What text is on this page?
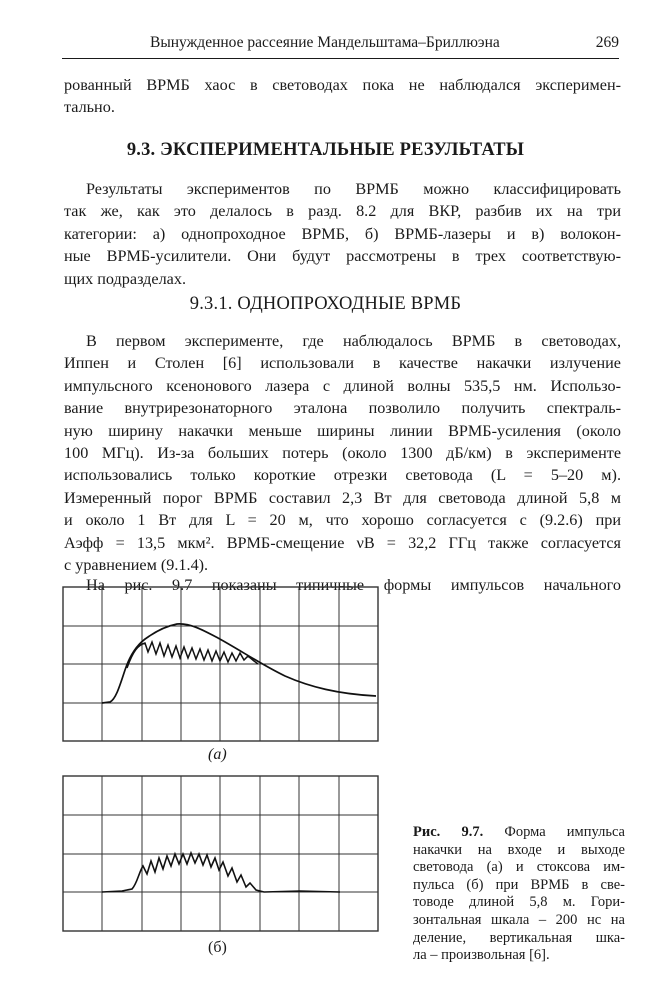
Вынужденное рассеяние Мандельштама–Бриллюэна	269

рованный ВРМБ хаос в световодах пока не наблюдался эксперимен-
тально.

9.3. ЭКСПЕРИМЕНТАЛЬНЫЕ РЕЗУЛЬТАТЫ

Результаты экспериментов по ВРМБ можно классифицировать
так же, как это делалось в разд. 8.2 для ВКР, разбив их на три
категории: а) однопроходное ВРМБ, б) ВРМБ-лазеры и в) волокон-
ные ВРМБ-усилители. Они будут рассмотрены в трех соответствую-
щих подразделах.

9.3.1. ОДНОПРОХОДНЫЕ ВРМБ

В первом эксперименте, где наблюдалось ВРМБ в световодах,
Иппен и Столен [6] использовали в качестве накачки излучение
импульсного ксенонового лазера с длиной волны 535,5 нм. Использо-
вание внутрирезонаторного эталона позволило получить спектраль-
ную ширину накачки меньше ширины линии ВРМБ-усиления (около
100 МГц). Из-за больших потерь (около 1300 дБ/км) в эксперименте
использовались только короткие отрезки световода (L = 5–20 м).
Измеренный порог ВРМБ составил 2,3 Вт для световода длиной 5,8 м
и около 1 Вт для L = 20 м, что хорошо согласуется с (9.2.6) при
Aэфф = 13,5 мкм². ВРМБ-смещение νB = 32,2 ГГц также согласуется
с уравнением (9.1.4).

На рис. 9.7 показаны типичные формы импульсов начального

(а)
(б)
Рис. 9.7. Форма импульса
накачки на входе и выходе
световода (а) и стоксова им-
пульса (б) при ВРМБ в све-
товоде длиной 5,8 м. Гори-
зонтальная шкала – 200 нс на
деление, вертикальная шка-
ла – произвольная [6].
